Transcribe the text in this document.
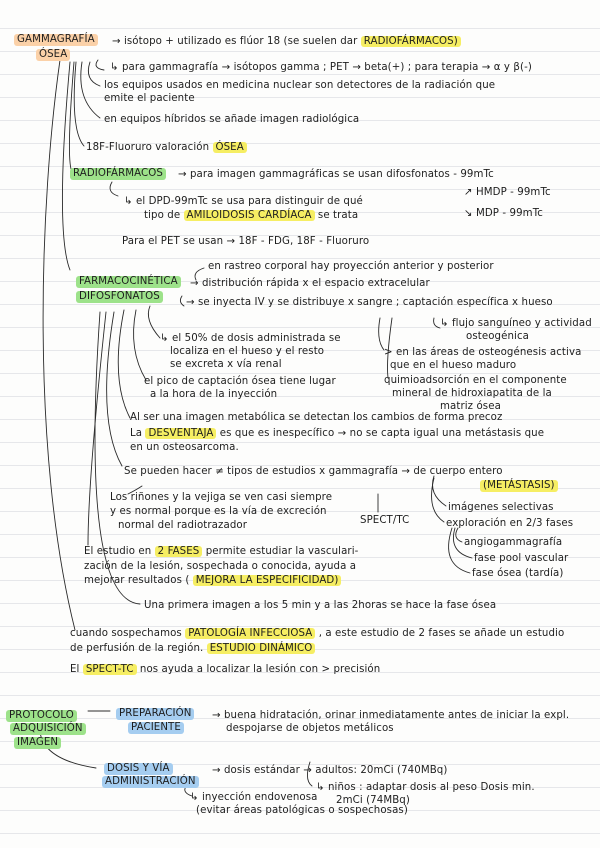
GAMMAGRAFÍA
ÓSEA
→ isótopo + utilizado es flúor 18 (se suelen dar RADIOFÁRMACOS)
↳ para gammagrafía → isótopos gamma ; PET → beta(+) ; para terapia → α y β(-)
los equipos usados en medicina nuclear son detectores de la radiación que
emite el paciente
en equipos híbridos se añade imagen radiológica
18F-Fluoruro valoración ÓSEA
RADIOFÁRMACOS → para imagen gammagráficas se usan difosfonatos - 99mTc
↗ HMDP - 99mTc
↘ MDP - 99mTc
↳ el DPD-99mTc se usa para distinguir de qué
tipo de AMILOIDOSIS CARDÍACA se trata
Para el PET se usan → 18F - FDG, 18F - Fluoruro
FARMACOCINÉTICA
DIFOSFONATOS
en rastreo corporal hay proyección anterior y posterior
→ distribución rápida x el espacio extracelular
→ se inyecta IV y se distribuye x sangre ; captación específica x hueso
↳ flujo sanguíneo y actividad
osteogénica
↳ el 50% de dosis administrada se
localiza en el hueso y el resto
se excreta x vía renal
> en las áreas de osteogénesis activa
que en el hueso maduro
quimioadsorción en el componente
mineral de hidroxiapatita de la
matriz ósea
el pico de captación ósea tiene lugar
a la hora de la inyección
Al ser una imagen metabólica se detectan los cambios de forma precoz
La DESVENTAJA es que es inespecífico → no se capta igual una metástasis que
en un osteosarcoma.
Se pueden hacer ≠ tipos de estudios x gammagrafía → de cuerpo entero
(METÁSTASIS)
Los riñones y la vejiga se ven casi siempre
y es normal porque es la vía de excreción
normal del radiotrazador	SPECT/TC
imágenes selectivas
exploración en 2/3 fases
angiogammagrafía
fase pool vascular
fase ósea (tardía)
El estudio en 2 FASES permite estudiar la vasculari-
zación de la lesión, sospechada o conocida, ayuda a
mejorar resultados ( MEJORA LA ESPECIFICIDAD)
Una primera imagen a los 5 min y a las 2horas se hace la fase ósea
cuando sospechamos PATOLOGÍA INFECCIOSA , a este estudio de 2 fases se añade un estudio
de perfusión de la región. ESTUDIO DINÁMICO
El SPECT-TC nos ayuda a localizar la lesión con > precisión
PROTOCOLO
ADQUISICIÓN
IMAGEN
PREPARACIÓN
PACIENTE
→ buena hidratación, orinar inmediatamente antes de iniciar la expl.
despojarse de objetos metálicos
DOSIS Y VÍA
ADMINISTRACIÓN
→ dosis estándar → adultos: 20mCi (740MBq)
↳ niños : adaptar dosis al peso Dosis min.
2mCi (74MBq)
↳ inyección endovenosa
(evitar áreas patológicas o sospechosas)
